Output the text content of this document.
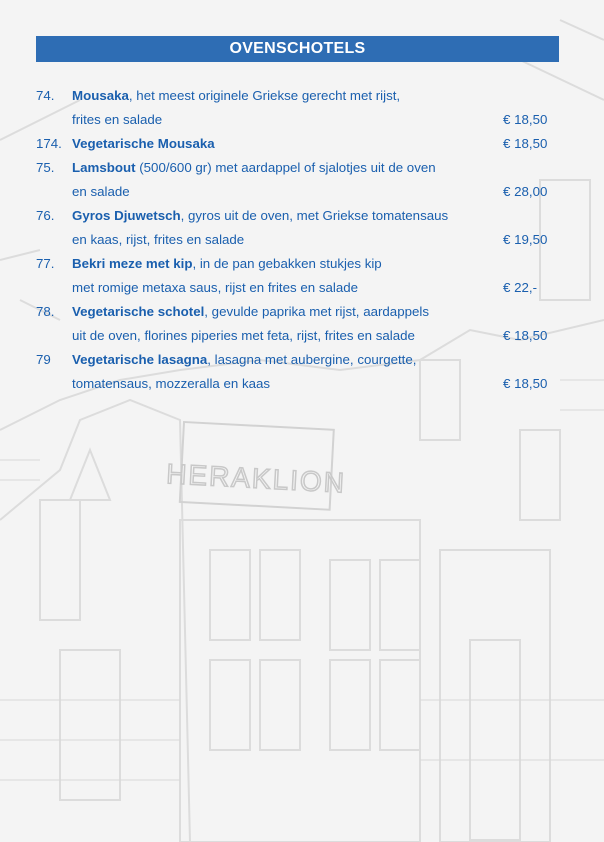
HERAKLION
OVENSCHOTELS
74. Mousaka, het meest originele Griekse gerecht met rijst,
frites en salade	€ 18,50
174. Vegetarische Mousaka	€ 18,50
75. Lamsbout (500/600 gr) met aardappel of sjalotjes uit de oven
en salade	€ 28,00
76. Gyros Djuwetsch, gyros uit de oven, met Griekse tomatensaus
en kaas, rijst, frites en salade	€ 19,50
77. Bekri meze met kip, in de pan gebakken stukjes kip
met romige metaxa saus, rijst en frites en salade	€ 22,-
78. Vegetarische schotel, gevulde paprika met rijst, aardappels
uit de oven, florines piperies met feta, rijst, frites en salade	€ 18,50
79 Vegetarische lasagna, lasagna met aubergine, courgette,
tomatensaus, mozzeralla en kaas	€ 18,50
